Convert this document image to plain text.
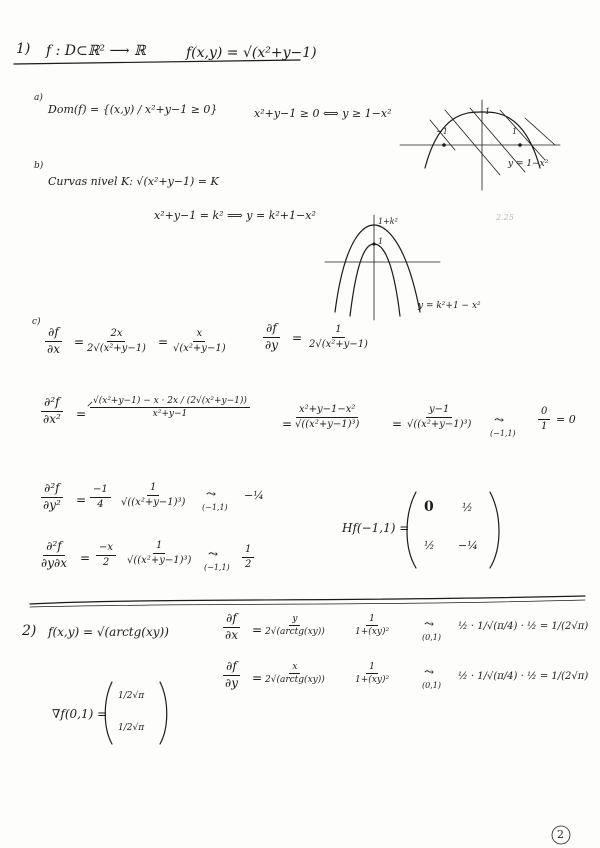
1) f : D⊂ℝ² ⟶ ℝ	f(x,y) = √(x²+y−1)
a)
Dom(f) = {(x,y) / x²+y−1 ≥ 0}	x²+y−1 ≥ 0 ⟺ y ≥ 1−x²
−1	1
1
y = 1−x²
b)
Curvas nivel K: √(x²+y−1) = K
x²+y−1 = k² ⟹ y = k²+1−x²	1+k²
1
2.25
y = k²+1 − x²
c)
$\frac{\partial f}{\partial x} = \frac{2x}{\text{2√(x²+y−1)}} = \frac{x}{\text{√(x²+y−1)}}$	$\frac{\partial f}{\partial y} = \frac{1}{\text{2√(x²+y−1)}}$
$\frac{\text{∂²f}}{\text{∂x²}} = \frac{\text{√(x²+y−1) − x · 2x / (2√(x²+y−1))}}{\text{x²+y−1}}$
= $\frac{\text{x²+y−1−x²}}{\text{√((x²+y−1)³)}} = \frac{y-1}{\text{√((x²+y−1)³)}}$ ⤳
(−1,1)
$\frac{0}{1} = 0$
$\frac{\text{∂²f}}{\text{∂y²}} = \frac{-1}{4} \frac{1}{\text{√((x²+y−1)³)}}$ ⤳
(−1,1)
−¼
Hf(−1,1) =
0	½
½ −¼
$\frac{\text{∂²f}}{\partial y\partial x} = \frac{-x}{2} \frac{1}{\text{√((x²+y−1)³)}}$ ⤳
$(-1,1) \frac{1}{2}$
2) f(x,y) = √(arctg(xy))	$\frac{\partial f}{\partial x}$ =
y
2√(arctg(xy))	$\frac{1}{\text{1+(xy)²}}$	⤳
(0,1)
½ · 1/√(π/4) · ½ = 1/(2√π)
$\frac{\partial f}{\partial y}$ =
x
2√(arctg(xy))	$\frac{1}{\text{1+(xy)²}}$	⤳
(0,1)
½ · 1/√(π/4) · ½ = 1/(2√π)
∇f(0,1) =
1/2√π
1/2√π
2
